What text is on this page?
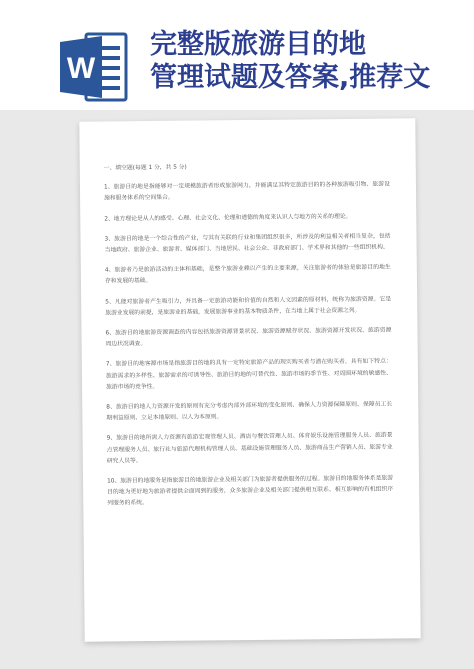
W
完整版旅游目的地
管理试题及答案,推荐文

一、填空题(每题 1 分，共 5 分)

1、旅游目的地是指能够对一定规模旅游者形成旅游网力，并能满足其特定旅游目的的各种旅游吸引物、旅游设施和服务体系的空间集合。

2、地方理论是从人的感受、心理、社会文化、伦理和道德的角度来认识人与地方的关系的理论。

3、旅游目的地是一个综合性的产业，与其有关联的行业和集团组织很多，所涉及的利益相关者相当复杂，包括当地政府、旅游企业、旅游者、媒体部门、当地居民、社会公众、非政府部门、学术界和其他的一些组织机构。

4、旅游者乃是旅游活动的主体和基础，是整个旅游业赖以产生的主要来源，关注旅游者的体验是旅游目的地生存和发展的基础。

5、凡能对旅游者产生吸引力，并具备一定旅游功能和价值的自然和人文因素的原材料，统称为旅游资源。它是旅游业发展的前提，是旅游业的基础，发展旅游事业的基本物质条件，在当地上属于社会资源之列。

6、旅游目的地旅游资源调查的内容包括旅游资源背景状况、旅游资源赋存状况、旅游资源开发状况、旅游资源周边状况调查。

7、旅游目的地客源市场是指旅游目的地的具有一定特定旅游产品的现实购买者与潜在购买者。具有如下特点：旅游需求的多样性、旅游需求的可诱导性、旅游目的地的可替代性、旅游市场的季节性、对周围环境的敏感性、旅游市场的竞争性。

8、旅游目的地人力资源开发的原则有充分考虑内部外部环境的变化原则、确保人力资源保障原则、保障员工长期利益原则、立足本地原则、以人为本原则。

9、旅游目的地所需人力资源有旅游宏观管理人员、酒店与餐饮管理人员、体育娱乐设施管理服务人员、旅游景点管理服务人员、旅行社与旅游代理机构管理人员、基础设施管理服务人员、旅游商品生产营销人员、旅游专业研究人员等。

10、旅游目的地服务是指旅游目的地旅游企业及相关部门为旅游者提供服务的过程。旅游目的地服务体系是旅游目的地为更好地为旅游者提供全面周到的服务，众多旅游企业及相关部门提供相互联系、相互影响的有机组织序列服务的系统。
